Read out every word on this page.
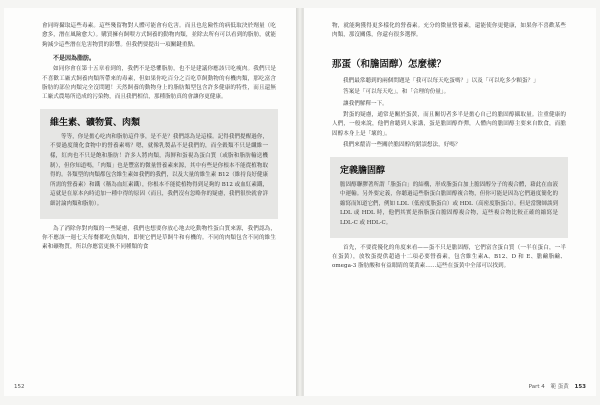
會同時攝取這些毒素。這些殘留物對人體可能會有危害。而且也危險性的病低取決於劑量（吃愈多，潛在風險愈大）。購買擁有飼喂方式飼養的動物肉類，並除去所有可以看到的脂肪，就能夠減少這些潛在危害物質的影響。但我們要提出一項關鍵重點。

不是因為脂肪。

如同你會在第十五章看到的，我們不是恐懼脂肪，也不是建議你應該只吃瘦肉。我們只是不喜歡工廠式飼養肉類所帶來的毒素，但如果你吃百分之百吃草飼動物的有機肉類，那吃富含脂肪的部位肉類完全沒問題！天然飼養的動物身上的脂肪類型包含許多健康的特性，而且還無工廠式農場所造成的污染物，而且我們相信，那種脂肪真的會讓你更健康。

維生素、礦物質、肉類

等等，你是擔心吃肉和脂肪這件事，是不是？我們認為是這樣。記得我們提醒過你，不要過度簡化食物中的營養素嗎？嗯，就像乳製品不是我們的，而全穀類不只是纖維一樣，紅肉也不只是飽和脂肪！許多人將肉類，海鮮和蛋視為蛋白質（或脂和脂肪輸送機制），但你知道嗎，「肉類」也是豐富的微量營養素來源，其中有些是你根本不能從植物取得的。各類型的肉類都包含維生素如我們的我們，以及大量的維生素 B12（維持良好健康所需的營養素）和鐵（稱為血紅素鐵），你根本不能從植物得到足夠的 B12 或血紅素鐵，這就是在原本內時追加一種中得的原因（而且，我們沒有忽略你的疑慮，我們很快就會詳細討論肉類和脂肪）。

為了消除你對肉類的一些疑慮，我們也想要你放心地去吃動物性蛋白質來源，我們認為，你不應該一週七天每餐都吃魚類肉，即便它們是草飼牛和有機的。不同的肉類包含不同的維生素和礦物質，所以你應當更換不同種類的食

152

物，就能夠獲得更多樣化的營養素。充分的微量營養素，還能使你更健康，如果你不喜歡某些肉類，那沒關係，你還有很多選擇。

那蛋（和膽固醇）怎麼樣？

我們最常聽到的兩個問題是「我可以每天吃蛋嗎？」以及「可以吃多少顆蛋？」

答案是「可以每天吃」，和「合理的份量」。

讓我們解釋一下。

對蛋的疑慮，通常是關於蛋黃，而且關切者多半是擔心自己的膽固醇攝取量。注重健康的人們，一般來說，他們會聽到人家講，蛋是膽固醇炸彈，人體內的膽固醇主要來自飲食，而膽固醇本身上是「壞的」。

我們來釐清一些關於膽固醇的錯誤想法，好嗎？

定義膽固醇

膽固醇聯膠著所謂「脂蛋白」的結構，形成脂蛋白加上膽固醇分子的複合體，藉此在血液中運輸。另外要定義，你聽過這些脂蛋白膽固醇複合物，但你可能是因為它們過度簡化的縮寫而知道它們，例如 LDL（低密度脂蛋白）或 HDL（高密度脂蛋白）。但是當醫師談到 LDL 或 HDL 時，他們其實是指脂蛋白膽固醇複合物，這些複合物比較正確的縮寫是 LDL-C 或 HDL-C。

首先，不要從優化的角度來看——蛋不只是膽固醇，它們富含蛋白質（一半在蛋白，一半在蛋黃），放牧蛋提供超過十二項必要營養素，包含維生素A、B12、D 和 E、膽鹼脂鹼、omega-3 脂肪酸和有益眼睛的葉黃素……這些在蛋黃中全部可以找到。

Part 4 範 蛋黃 153
